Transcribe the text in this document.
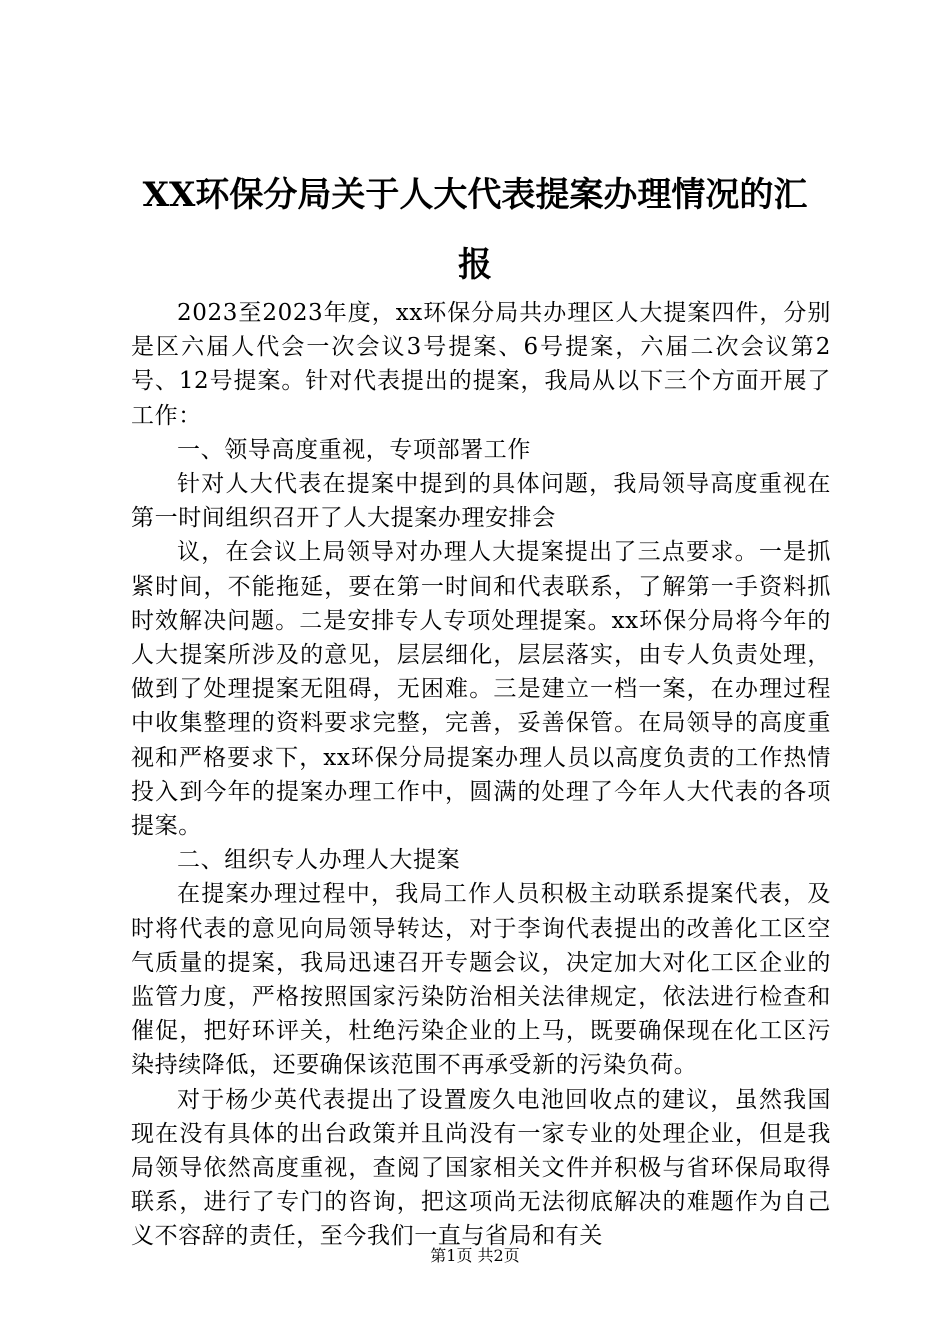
XX环保分局关于人大代表提案办理情况的汇
报

2023至2023年度，xx环保分局共办理区人大提案四件，分别是区六届人代会一次会议3号提案、6号提案，六届二次会议第2号、12号提案。针对代表提出的提案，我局从以下三个方面开展了工作：

一、领导高度重视，专项部署工作

针对人大代表在提案中提到的具体问题，我局领导高度重视在第一时间组织召开了人大提案办理安排会

议，在会议上局领导对办理人大提案提出了三点要求。一是抓紧时间，不能拖延，要在第一时间和代表联系，了解第一手资料抓时效解决问题。二是安排专人专项处理提案。xx环保分局将今年的人大提案所涉及的意见，层层细化，层层落实，由专人负责处理，做到了处理提案无阻碍，无困难。三是建立一档一案，在办理过程中收集整理的资料要求完整，完善，妥善保管。在局领导的高度重视和严格要求下，xx环保分局提案办理人员以高度负责的工作热情投入到今年的提案办理工作中，圆满的处理了今年人大代表的各项提案。

二、组织专人办理人大提案

在提案办理过程中，我局工作人员积极主动联系提案代表，及时将代表的意见向局领导转达，对于李询代表提出的改善化工区空气质量的提案，我局迅速召开专题会议，决定加大对化工区企业的监管力度，严格按照国家污染防治相关法律规定，依法进行检查和催促，把好环评关，杜绝污染企业的上马，既要确保现在化工区污染持续降低，还要确保该范围不再承受新的污染负荷。

对于杨少英代表提出了设置废久电池回收点的建议，虽然我国现在没有具体的出台政策并且尚没有一家专业的处理企业，但是我局领导依然高度重视，查阅了国家相关文件并积极与省环保局取得联系，进行了专门的咨询，把这项尚无法彻底解决的难题作为自己义不容辞的责任，至今我们一直与省局和有关

第1页 共2页
